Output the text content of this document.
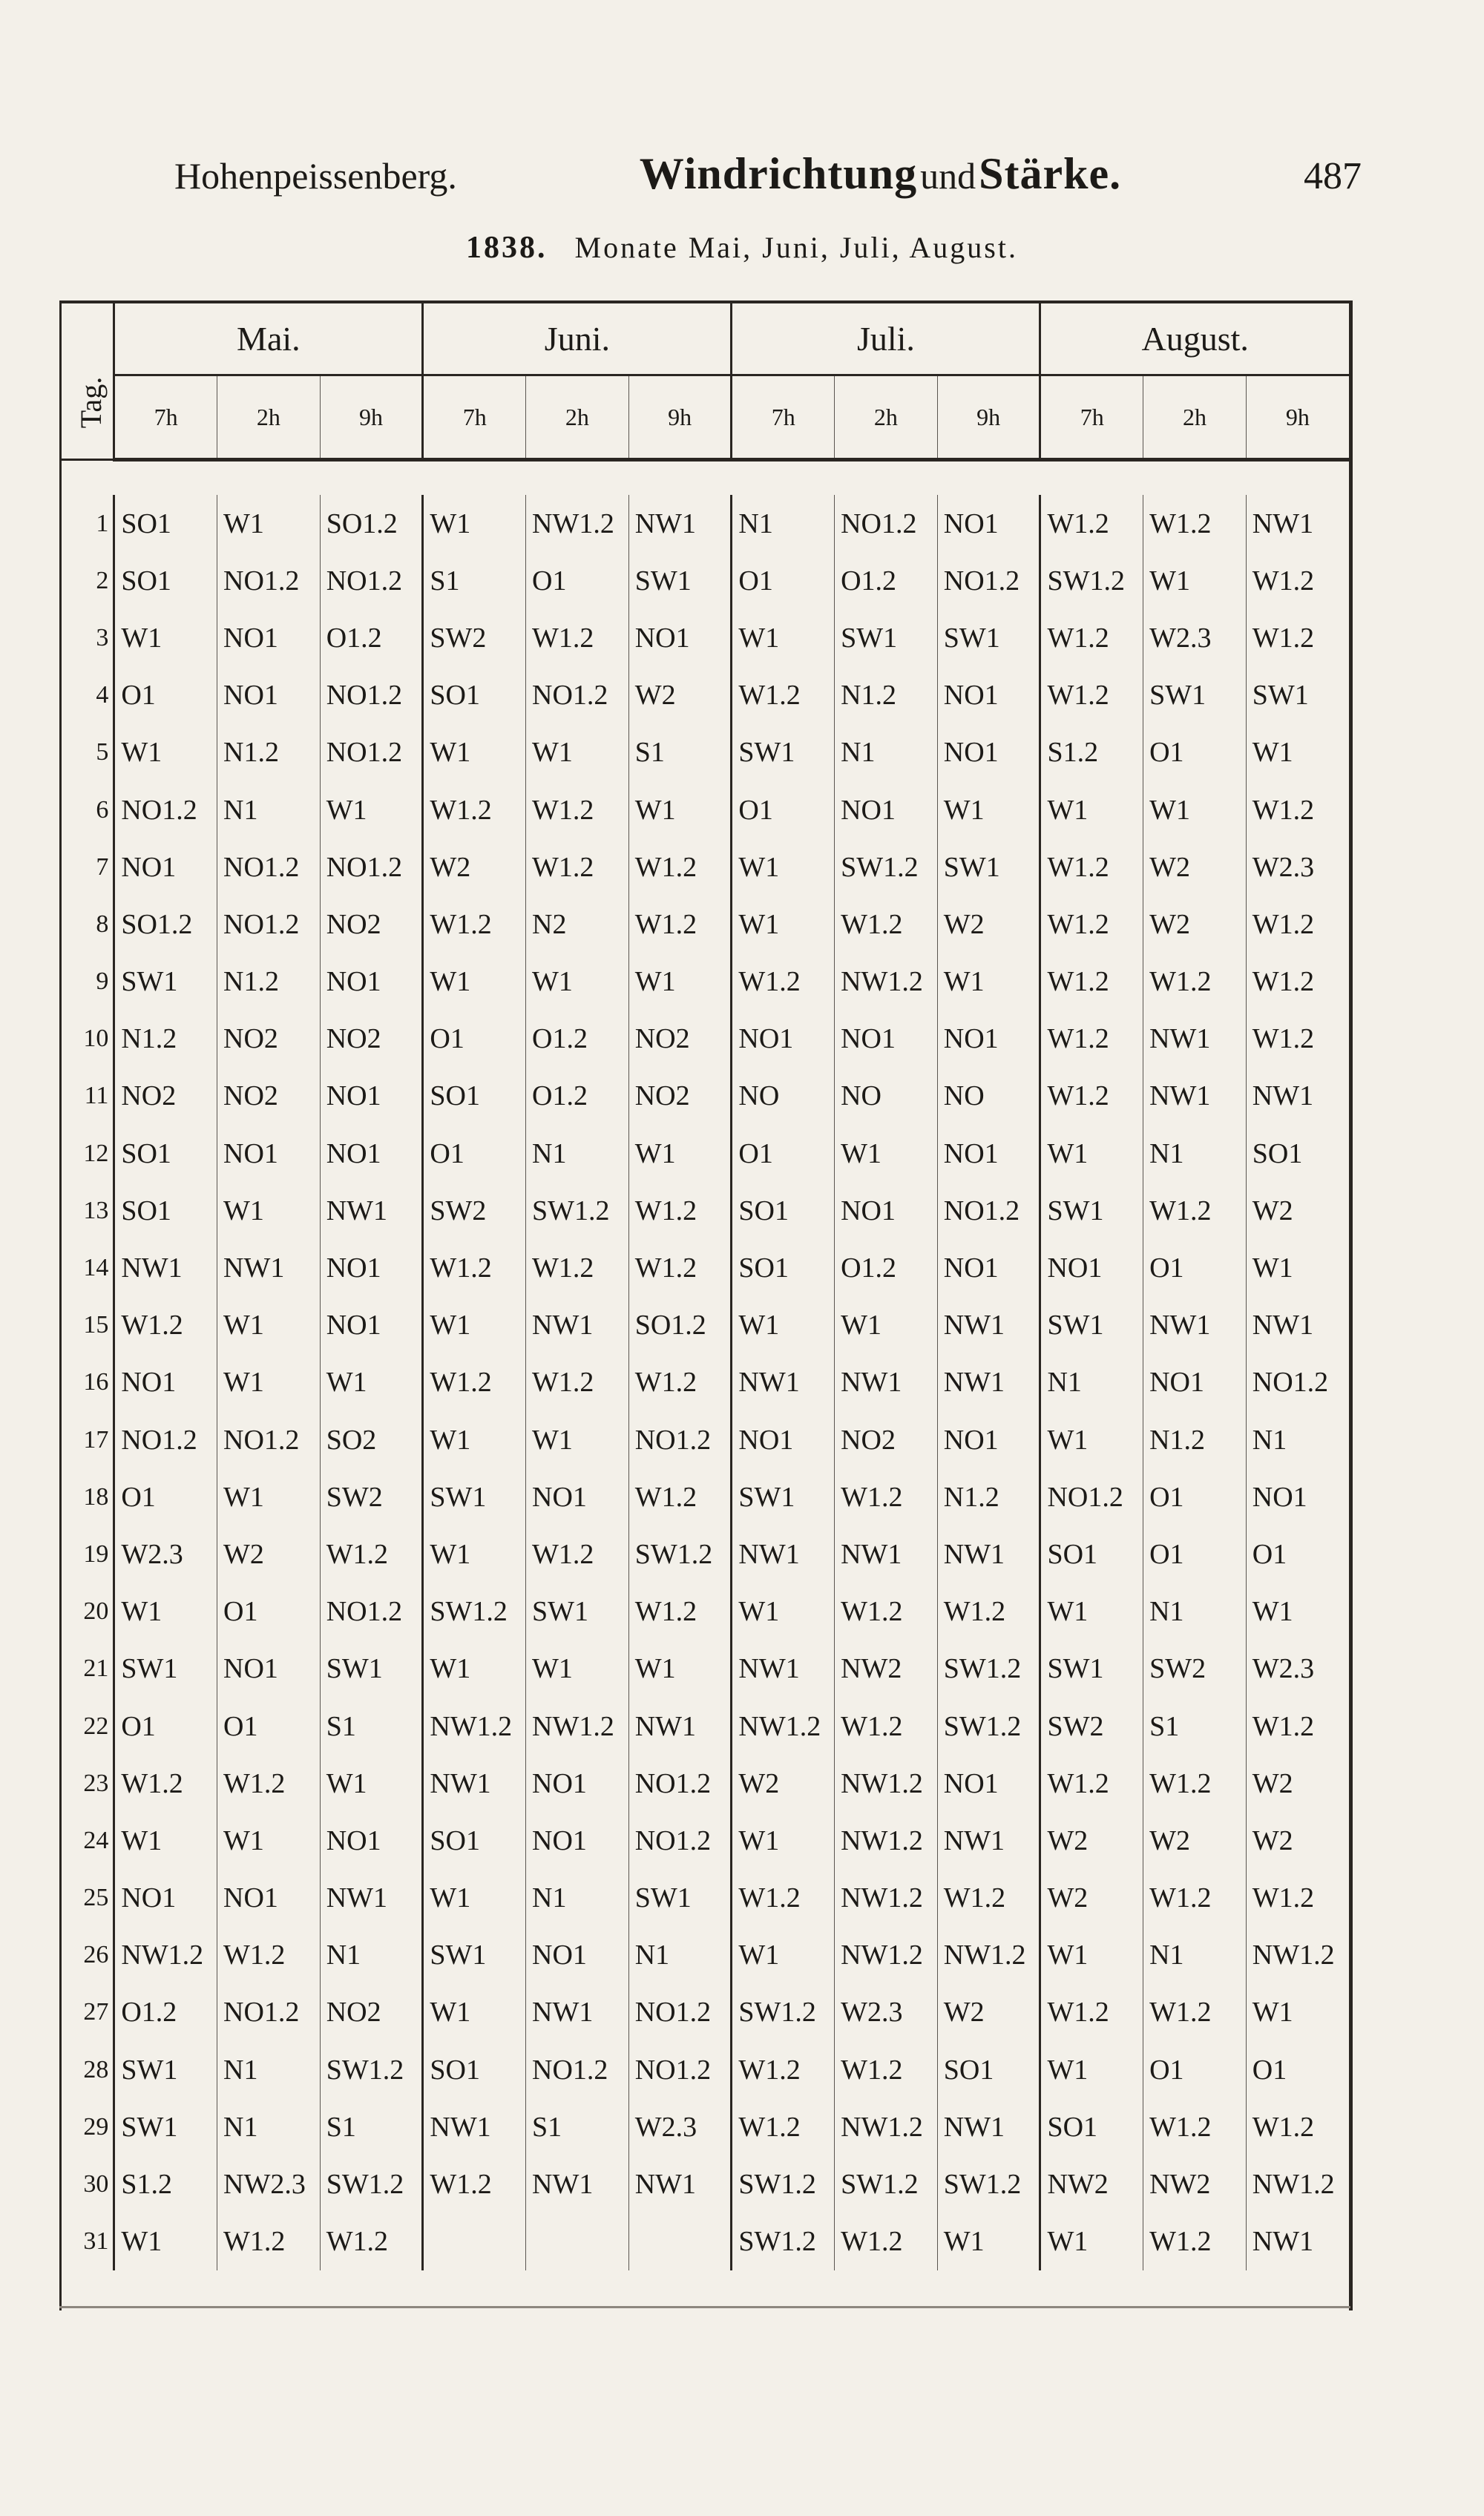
Hohenpeissenberg.	Windrichtung und Stärke.	487
1838. Monate Mai, Juni, Juli, August.
Tag.	Mai.			Juni.			Juli.			August.		
	7h	2h	9h	7h	2h	9h	7h	2h	9h	7h	2h	9h

1	SO1	W1	SO1.2	W1	NW1.2	NW1	N1	NO1.2	NO1	W1.2	W1.2	NW1
2	SO1	NO1.2	NO1.2	S1	O1	SW1	O1	O1.2	NO1.2	SW1.2	W1	W1.2
3	W1	NO1	O1.2	SW2	W1.2	NO1	W1	SW1	SW1	W1.2	W2.3	W1.2
4	O1	NO1	NO1.2	SO1	NO1.2	W2	W1.2	N1.2	NO1	W1.2	SW1	SW1
5	W1	N1.2	NO1.2	W1	W1	S1	SW1	N1	NO1	S1.2	O1	W1
6	NO1.2	N1	W1	W1.2	W1.2	W1	O1	NO1	W1	W1	W1	W1.2
7	NO1	NO1.2	NO1.2	W2	W1.2	W1.2	W1	SW1.2	SW1	W1.2	W2	W2.3
8	SO1.2	NO1.2	NO2	W1.2	N2	W1.2	W1	W1.2	W2	W1.2	W2	W1.2
9	SW1	N1.2	NO1	W1	W1	W1	W1.2	NW1.2	W1	W1.2	W1.2	W1.2
10	N1.2	NO2	NO2	O1	O1.2	NO2	NO1	NO1	NO1	W1.2	NW1	W1.2
11	NO2	NO2	NO1	SO1	O1.2	NO2	NO	NO	NO	W1.2	NW1	NW1
12	SO1	NO1	NO1	O1	N1	W1	O1	W1	NO1	W1	N1	SO1
13	SO1	W1	NW1	SW2	SW1.2	W1.2	SO1	NO1	NO1.2	SW1	W1.2	W2
14	NW1	NW1	NO1	W1.2	W1.2	W1.2	SO1	O1.2	NO1	NO1	O1	W1
15	W1.2	W1	NO1	W1	NW1	SO1.2	W1	W1	NW1	SW1	NW1	NW1
16	NO1	W1	W1	W1.2	W1.2	W1.2	NW1	NW1	NW1	N1	NO1	NO1.2
17	NO1.2	NO1.2	SO2	W1	W1	NO1.2	NO1	NO2	NO1	W1	N1.2	N1
18	O1	W1	SW2	SW1	NO1	W1.2	SW1	W1.2	N1.2	NO1.2	O1	NO1
19	W2.3	W2	W1.2	W1	W1.2	SW1.2	NW1	NW1	NW1	SO1	O1	O1
20	W1	O1	NO1.2	SW1.2	SW1	W1.2	W1	W1.2	W1.2	W1	N1	W1
21	SW1	NO1	SW1	W1	W1	W1	NW1	NW2	SW1.2	SW1	SW2	W2.3
22	O1	O1	S1	NW1.2	NW1.2	NW1	NW1.2	W1.2	SW1.2	SW2	S1	W1.2
23	W1.2	W1.2	W1	NW1	NO1	NO1.2	W2	NW1.2	NO1	W1.2	W1.2	W2
24	W1	W1	NO1	SO1	NO1	NO1.2	W1	NW1.2	NW1	W2	W2	W2
25	NO1	NO1	NW1	W1	N1	SW1	W1.2	NW1.2	W1.2	W2	W1.2	W1.2
26	NW1.2	W1.2	N1	SW1	NO1	N1	W1	NW1.2	NW1.2	W1	N1	NW1.2
27	O1.2	NO1.2	NO2	W1	NW1	NO1.2	SW1.2	W2.3	W2	W1.2	W1.2	W1
28	SW1	N1	SW1.2	SO1	NO1.2	NO1.2	W1.2	W1.2	SO1	W1	O1	O1
29	SW1	N1	S1	NW1	S1	W2.3	W1.2	NW1.2	NW1	SO1	W1.2	W1.2
30	S1.2	NW2.3	SW1.2	W1.2	NW1	NW1	SW1.2	SW1.2	SW1.2	NW2	NW2	NW1.2
31	W1	W1.2	W1.2				SW1.2	W1.2	W1	W1	W1.2	NW1
